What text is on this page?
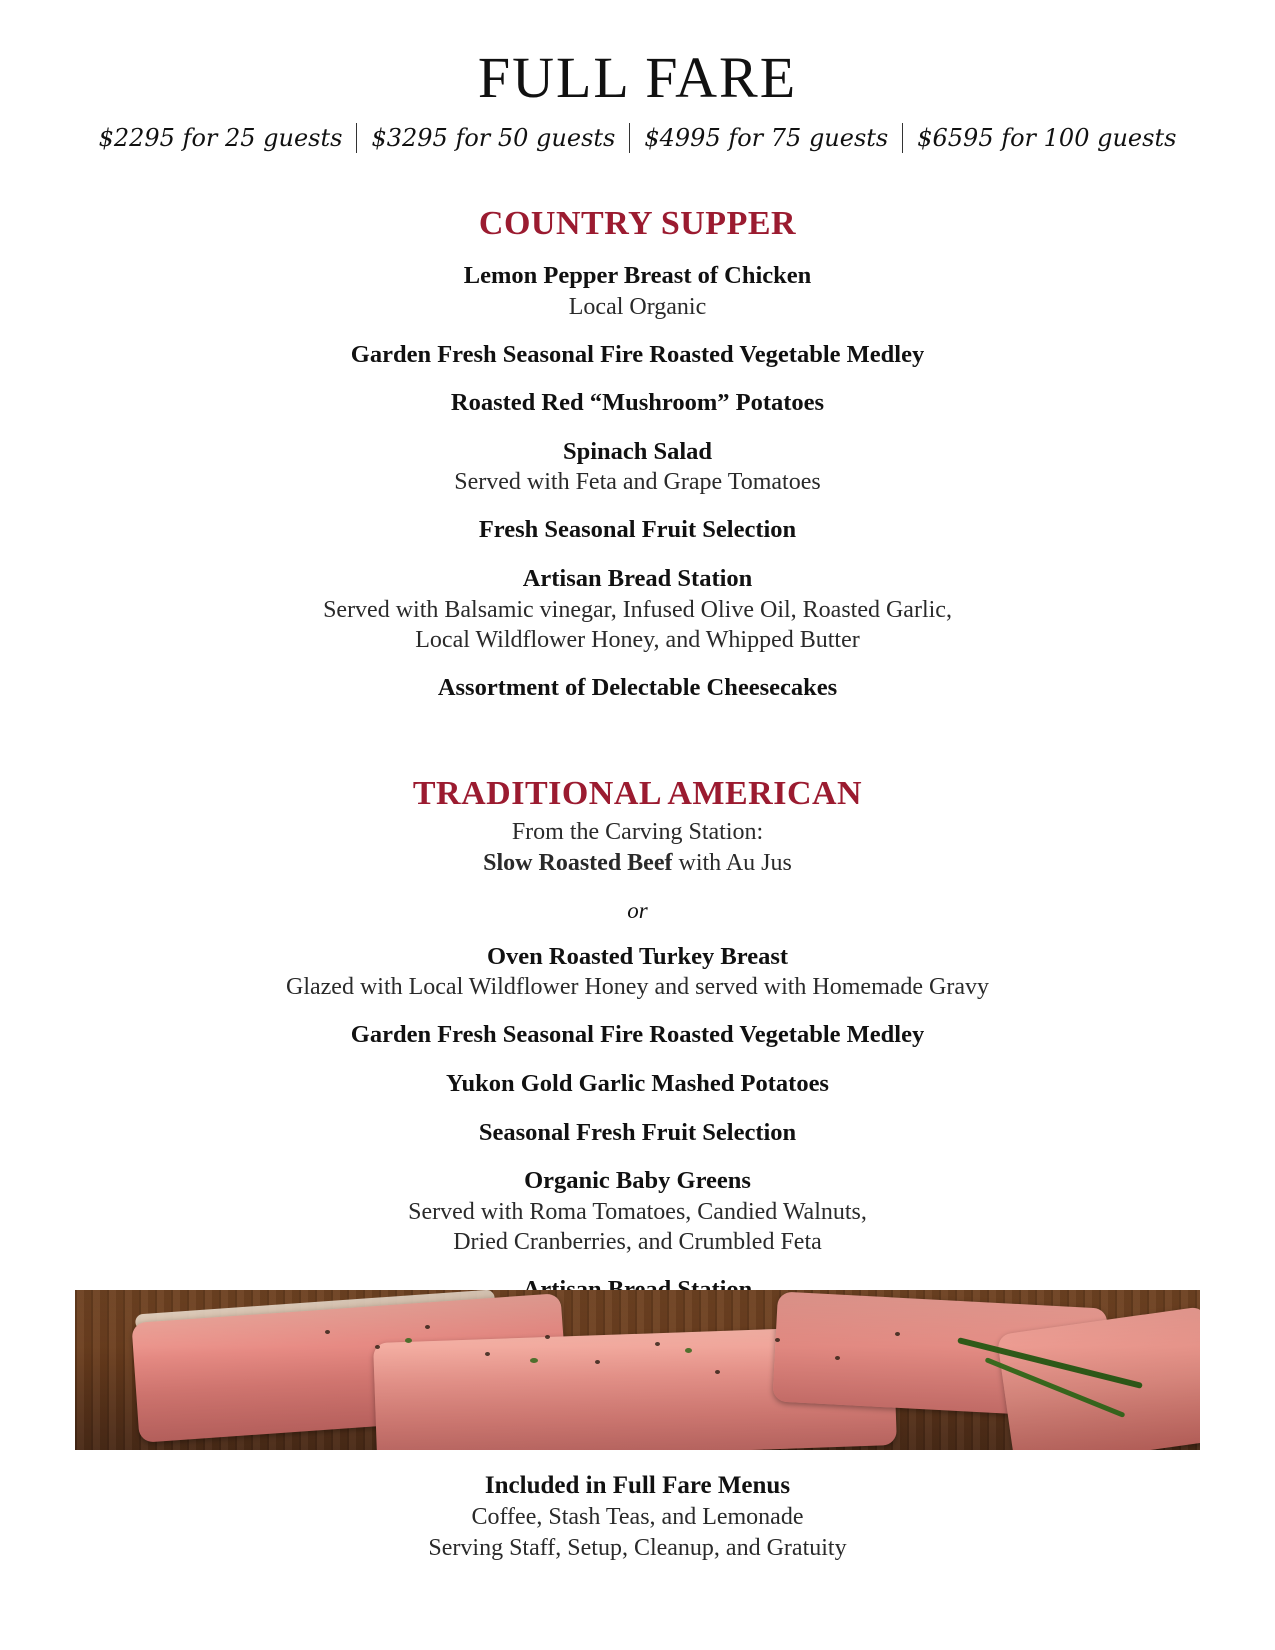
FULL FARE
$2295 for 25 guests	$3295 for 50 guests	$4995 for 75 guests	$6595 for 100 guests
COUNTRY SUPPER
Lemon Pepper Breast of Chicken
Local Organic
Garden Fresh Seasonal Fire Roasted Vegetable Medley
Roasted Red “Mushroom” Potatoes
Spinach Salad
Served with Feta and Grape Tomatoes
Fresh Seasonal Fruit Selection
Artisan Bread Station
Served with Balsamic vinegar, Infused Olive Oil, Roasted Garlic,
Local Wildflower Honey, and Whipped Butter
Assortment of Delectable Cheesecakes
TRADITIONAL AMERICAN
From the Carving Station:
Slow Roasted Beef with Au Jus
or
Oven Roasted Turkey Breast
Glazed with Local Wildflower Honey and served with Homemade Gravy
Garden Fresh Seasonal Fire Roasted Vegetable Medley
Yukon Gold Garlic Mashed Potatoes
Seasonal Fresh Fruit Selection
Organic Baby Greens
Served with Roma Tomatoes, Candied Walnuts,
Dried Cranberries, and Crumbled Feta
Included in Full Fare Menus
Coffee, Stash Teas, and Lemonade
Serving Staff, Setup, Cleanup, and Gratuity
